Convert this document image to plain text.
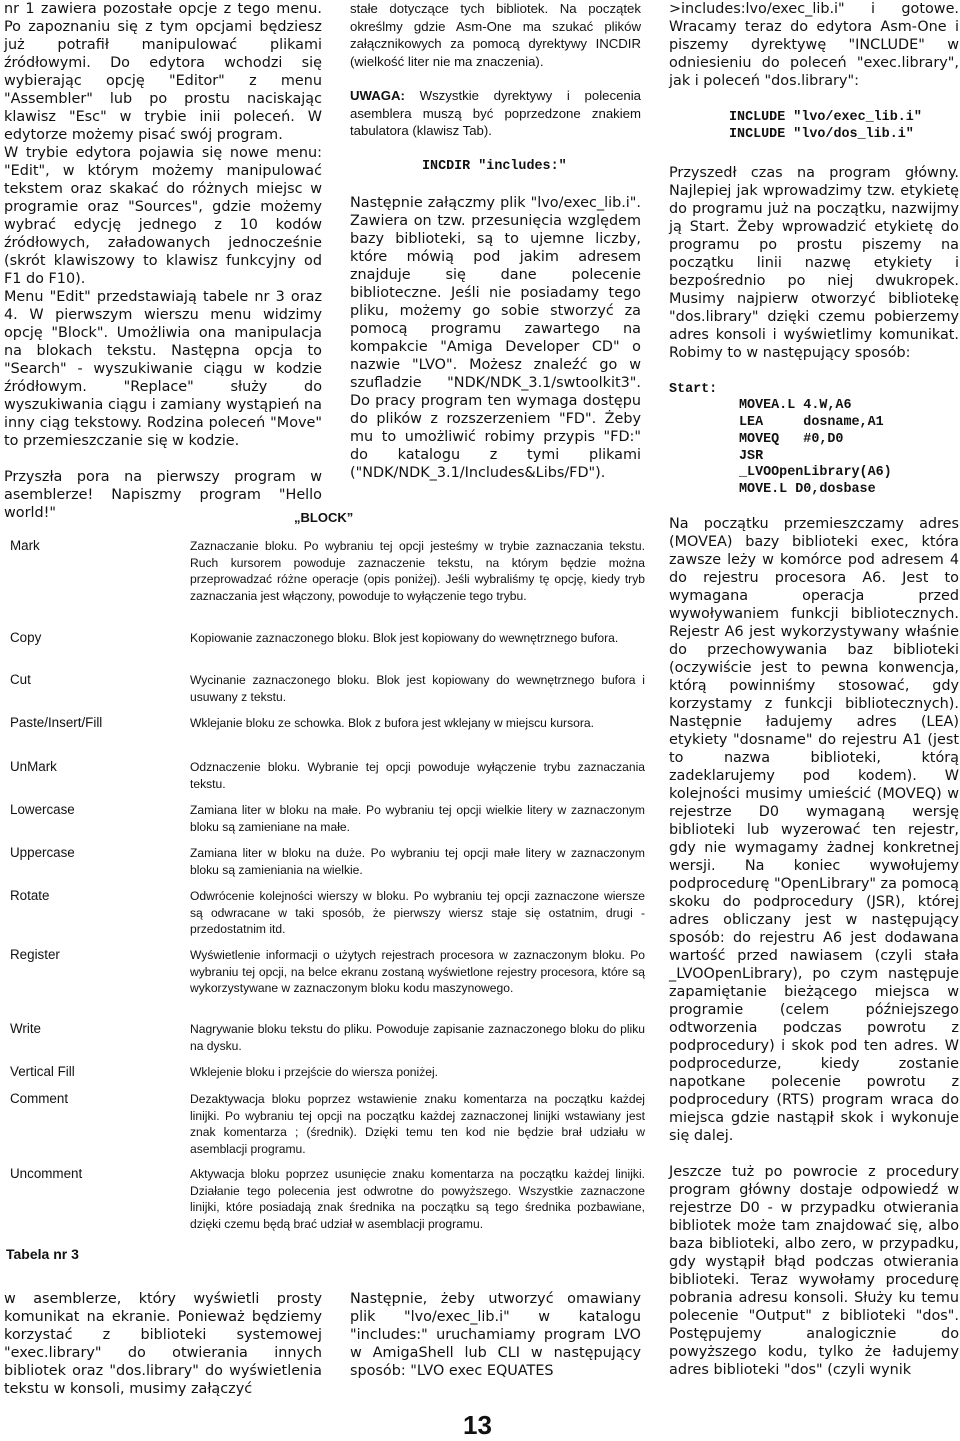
nr 1 zawiera pozostałe opcje z tego menu. Po zapoznaniu się z tym opcjami będziesz już potrafił manipulować plikami źródłowymi. Do edytora wchodzi się wybierając opcję "Editor" z menu "Assembler" lub po prostu naciskając klawisz "Esc" w trybie inii poleceń. W edytorze możemy pisać swój program.

W trybie edytora pojawia się nowe menu: "Edit", w którym możemy manipulować tekstem oraz skakać do różnych miejsc w programie oraz "Sources", gdzie możemy wybrać edycję jednego z 10 kodów źródłowych, załadowanych jednocześnie (skrót klawiszowy to klawisz funkcyjny od F1 do F10).

Menu "Edit" przedstawiają tabele nr 3 oraz 4. W pierwszym wierszu menu widzimy opcję "Block". Umożliwia ona manipulacja na blokach tekstu. Następna opcja to "Search" - wyszukiwanie ciągu w kodzie źródłowym. "Replace" służy do wyszukiwania ciągu i zamiany wystąpień na inny ciąg tekstowy. Rodzina poleceń "Move" to przemieszczanie się w kodzie.

Przyszła pora na pierwszy program w asemblerze! Napiszmy program "Hello world!"

w asemblerze, który wyświetli prosty komunikat na ekranie. Ponieważ będziemy korzystać z biblioteki systemowej "exec.library" do otwierania innych bibliotek oraz "dos.library" do wyświetlenia tekstu w konsoli, musimy załączyć

stałe dotyczące tych bibliotek. Na początek określmy gdzie Asm-One ma szukać plików załącznikowych za pomocą dyrektywy INCDIR (wielkość liter nie ma znaczenia).

UWAGA: Wszystkie dyrektywy i polecenia asemblera muszą być poprzedzone znakiem tabulatora (klawisz Tab).

INCDIR "includes:"

Następnie załączmy plik "lvo/exec_lib.i". Zawiera on tzw. przesunięcia względem bazy biblioteki, są to ujemne liczby, które mówią pod jakim adresem znajduje się dane polecenie biblioteczne. Jeśli nie posiadamy tego pliku, możemy go sobie stworzyć za pomocą programu zawartego na kompakcie "Amiga Developer CD" o nazwie "LVO". Możesz znaleźć go w szufladzie "NDK/NDK_3.1/swtoolkit3". Do pracy program ten wymaga dostępu do plików z rozszerzeniem "FD". Żeby mu to umożliwić robimy przypis "FD:" do katalogu z tymi plikami ("NDK/NDK_3.1/Includes&Libs/FD").

Następnie, żeby utworzyć omawiany plik "lvo/exec_lib.i" w katalogu "includes:" uruchamiamy program LVO w AmigaShell lub CLI w następujący sposób: "LVO exec EQUATES

>includes:lvo/exec_lib.i" i gotowe. Wracamy teraz do edytora Asm-One i piszemy dyrektywę "INCLUDE" w odniesieniu do poleceń "exec.library", jak i poleceń "dos.library":

INCLUDE "lvo/exec_lib.i"
INCLUDE "lvo/dos_lib.i"

Przyszedł czas na program główny. Najlepiej jak wprowadzimy tzw. etykietę do programu już na początku, nazwijmy ją Start. Żeby wprowadzić etykietę do programu po prostu piszemy na początku linii nazwę etykiety i bezpośrednio po niej dwukropek. Musimy najpierw otworzyć bibliotekę "dos.library" dzięki czemu pobierzemy adres konsoli i wyświetlimy komunikat. Robimy to w następujący sposób:

Start:
MOVEA.L 4.W,A6
LEA     dosname,A1
MOVEQ   #0,D0
JSR
_LVOOpenLibrary(A6)
MOVE.L D0,dosbase

Na początku przemieszczamy adres (MOVEA) bazy biblioteki exec, która zawsze leży w komórce pod adresem 4 do rejestru procesora A6. Jest to wymagana operacja przed wywoływaniem funkcji bibliotecznych. Rejestr A6 jest wykorzystywany właśnie do przechowywania baz biblioteki (oczywiście jest to pewna konwencja, którą powinniśmy stosować, gdy korzystamy z funkcji bibliotecznych). Następnie ładujemy adres (LEA) etykiety "dosname" do rejestru A1 (jest to nazwa biblioteki, którą zadeklarujemy pod kodem). W kolejności musimy umieścić (MOVEQ) w rejestrze D0 wymaganą wersję biblioteki lub wyzerować ten rejestr, gdy nie wymagamy żadnej konkretnej wersji. Na koniec wywołujemy podprocedurę "OpenLibrary" za pomocą skoku do podprocedury (JSR), której adres obliczany jest w następujący sposób: do rejestru A6 jest dodawana wartość przed nawiasem (czyli stała _LVOOpenLibrary), po czym następuje zapamiętanie bieżącego miejsca w programie (celem późniejszego odtworzenia podczas powrotu z podprocedury) i skok pod ten adres. W podprocedurze, kiedy zostanie napotkane polecenie powrotu z podprocedury (RTS) program wraca do miejsca gdzie nastąpił skok i wykonuje się dalej.

Jeszcze tuż po powrocie z procedury program główny dostaje odpowiedź w rejestrze D0 - w przypadku otwierania bibliotek może tam znajdować się, albo baza biblioteki, albo zero, w przypadku, gdy wystąpił błąd podczas otwierania biblioteki. Teraz wywołamy procedurę pobrania adresu konsoli. Służy ku temu polecenie "Output" z biblioteki "dos". Postępujemy analogicznie do powyższego kodu, tylko że ładujemy adres biblioteki "dos" (czyli wynik

„BLOCK”
Mark	Zaznaczanie bloku. Po wybraniu tej opcji jesteśmy w trybie zaznaczania tekstu. Ruch kursorem powoduje zaznaczenie tekstu, na którym będzie można przeprowadzać różne operacje (opis poniżej). Jeśli wybraliśmy tę opcję, kiedy tryb zaznaczania jest włączony, powoduje to wyłączenie tego trybu.
Copy	Kopiowanie zaznaczonego bloku. Blok jest kopiowany do wewnętrznego bufora.
Cut	Wycinanie zaznaczonego bloku. Blok jest kopiowany do wewnętrznego bufora i usuwany z tekstu.
Paste/Insert/Fill	Wklejanie bloku ze schowka. Blok z bufora jest wklejany w miejscu kursora.
UnMark	Odznaczenie bloku. Wybranie tej opcji powoduje wyłączenie trybu zaznaczania tekstu.
Lowercase	Zamiana liter w bloku na małe. Po wybraniu tej opcji wielkie litery w zaznaczonym bloku są zamieniane na małe.
Uppercase	Zamiana liter w bloku na duże. Po wybraniu tej opcji małe litery w zaznaczonym bloku są zamieniania na wielkie.
Rotate	Odwrócenie kolejności wierszy w bloku. Po wybraniu tej opcji zaznaczone wiersze są odwracane w taki sposób, że pierwszy wiersz staje się ostatnim, drugi - przedostatnim itd.
Register	Wyświetlenie informacji o użytych rejestrach procesora w zaznaczonym bloku. Po wybraniu tej opcji, na belce ekranu zostaną wyświetlone rejestry procesora, które są wykorzystywane w zaznaczonym bloku kodu maszynowego.
Write	Nagrywanie bloku tekstu do pliku. Powoduje zapisanie zaznaczonego bloku do pliku na dysku.
Vertical Fill	Wklejenie bloku i przejście do wiersza poniżej.
Comment	Dezaktywacja bloku poprzez wstawienie znaku komentarza na początku każdej linijki. Po wybraniu tej opcji na początku każdej zaznaczonej linijki wstawiany jest znak komentarza ; (średnik). Dzięki temu ten kod nie będzie brał udziału w asemblacji programu.
Uncomment	Aktywacja bloku poprzez usunięcie znaku komentarza na początku każdej linijki. Działanie tego polecenia jest odwrotne do powyższego. Wszystkie zaznaczone linijki, które posiadają znak średnika na początku są tego średnika pozbawiane, dzięki czemu będą brać udział w asemblacji programu.
Tabela nr 3
13
